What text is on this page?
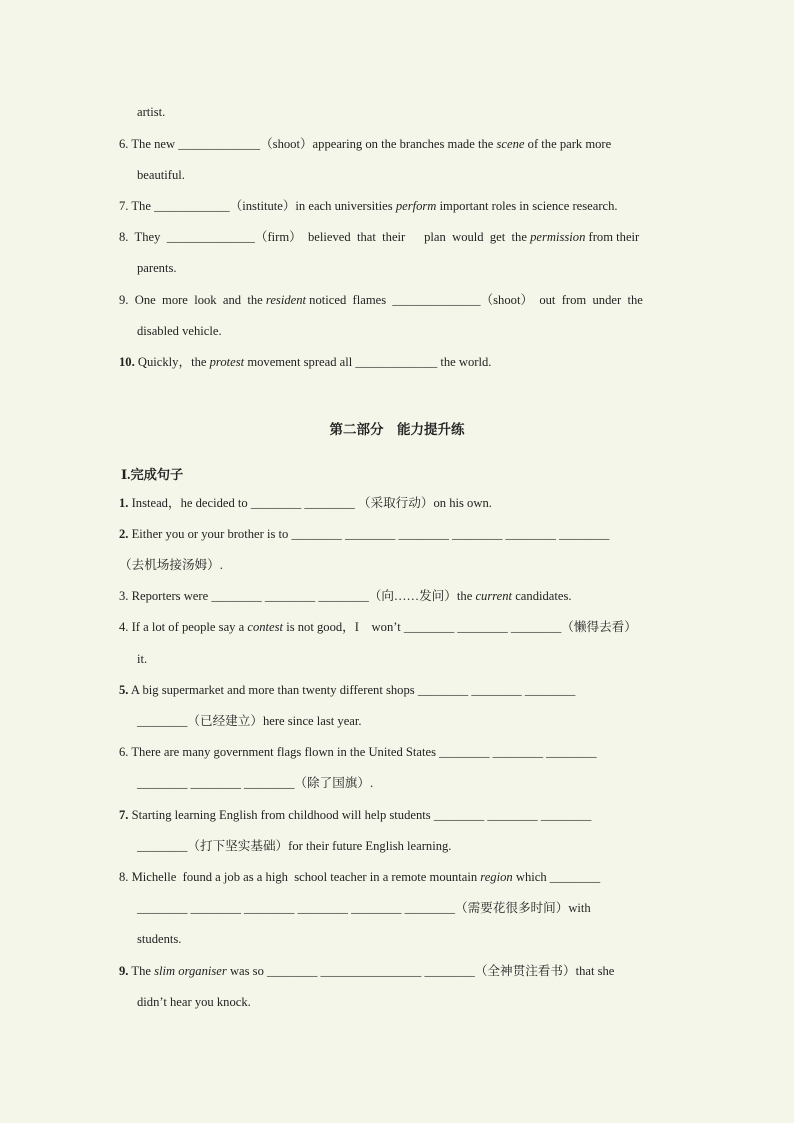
artist.
6. The new _____________（shoot）appearing on the branches made the scene of the park more
beautiful.
7. The ____________（institute）in each universities perform important roles in science research.
8.  They  ______________（firm）  believed  that  their      plan  would  get  the permission from their
parents.
9.  One  more  look  and  the resident noticed  flames  ______________（shoot）  out  from  under  the
disabled vehicle.
10. Quickly，the protest movement spread all _____________ the world.
第二部分　能力提升练
Ⅰ.完成句子
1. Instead，he decided to ________ ________ （采取行动）on his own.
2. Either you or your brother is to ________ ________ ________ ________ ________ ________
（去机场接汤姆）.
3. Reporters were ________ ________ ________（向……发问）the current candidates.
4. If a lot of people say a contest is not good，I    won’t ________ ________ ________（懒得去看）
it.
5. A big supermarket and more than twenty different shops ________ ________ ________
________（已经建立）here since last year.
6. There are many government flags flown in the United States ________ ________ ________
________ ________ ________（除了国旗）.
7. Starting learning English from childhood will help students ________ ________ ________
________（打下坚实基础）for their future English learning.
8. Michelle  found a job as a high  school teacher in a remote mountain region which ________
________ ________ ________ ________ ________ ________（需要花很多时间）with
students.
9. The slim organiser was so ________ ________________ ________（全神贯注看书）that she
didn’t hear you knock.
